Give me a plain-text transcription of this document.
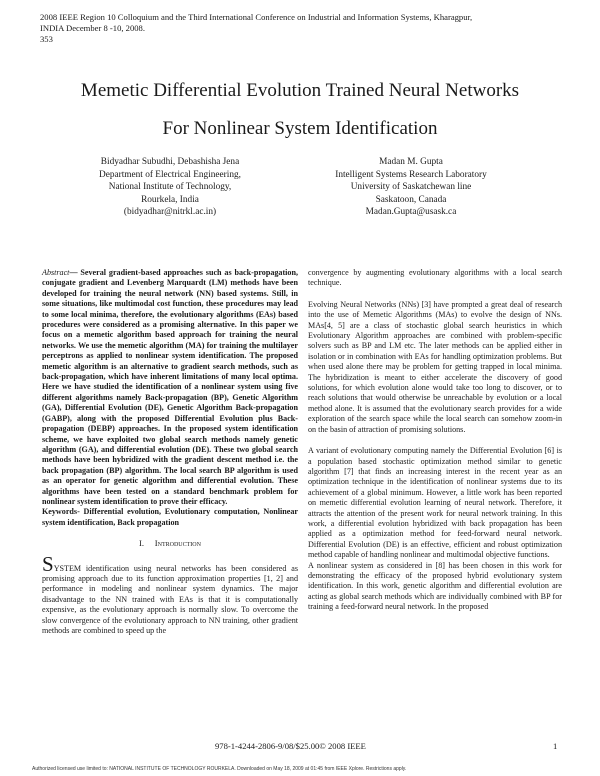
2008 IEEE Region 10 Colloquium and the Third International Conference on Industrial and Information Systems, Kharagpur,
INDIA December 8 -10, 2008.
353
Memetic Differential Evolution Trained Neural Networks
For Nonlinear System Identification
Bidyadhar Subudhi, Debashisha Jena
Department of Electrical Engineering,
National Institute of Technology,
Rourkela, India
(bidyadhar@nitrkl.ac.in)
Madan M. Gupta
Intelligent Systems Research Laboratory
University of Saskatchewan line
Saskatoon, Canada
Madan.Gupta@usask.ca

Abstract— Several gradient-based approaches such as back-propagation, conjugate gradient and Levenberg Marquardt (LM) methods have been developed for training the neural network (NN) based systems. Still, in some situations, like multimodal cost function, these procedures may lead to some local minima, therefore, the evolutionary algorithms (EAs) based procedures were considered as a promising alternative. In this paper we focus on a memetic algorithm based approach for training the neural networks. We use the memetic algorithm (MA) for training the multilayer perceptrons as applied to nonlinear system identification. The proposed memetic algorithm is an alternative to gradient search methods, such as back-propagation, which have inherent limitations of many local optima. Here we have studied the identification of a nonlinear system using five different algorithms namely Back-propagation (BP), Genetic Algorithm (GA), Differential Evolution (DE), Genetic Algorithm Back-propagation (GABP), along with the proposed Differential Evolution plus Back-propagation (DEBP) approaches. In the proposed system identification scheme, we have exploited two global search methods namely genetic algorithm (GA), and differential evolution (DE). These two global search methods have been hybridized with the gradient descent method i.e. the back propagation (BP) algorithm. The local search BP algorithm is used as an operator for genetic algorithm and differential evolution. These algorithms have been tested on a standard benchmark problem for nonlinear system identification to prove their efficacy.

Keywords- Differential evolution, Evolutionary computation, Nonlinear system identification, Back propagation

I. Introduction

SYSTEM identification using neural networks has been considered as promising approach due to its function approximation properties [1, 2] and performance in modeling and nonlinear system dynamics. The major disadvantage to the NN trained with EAs is that it is computationally expensive, as the evolutionary approach is normally slow. To overcome the slow convergence of the evolutionary approach to NN training, other gradient methods are combined to speed up the

convergence by augmenting evolutionary algorithms with a local search technique.

Evolving Neural Networks (NNs) [3] have prompted a great deal of research into the use of Memetic Algorithms (MAs) to evolve the design of NNs. MAs[4, 5] are a class of stochastic global search heuristics in which Evolutionary Algorithm approaches are combined with problem-specific solvers such as BP and LM etc. The later methods can be applied either in isolation or in combination with EAs for handling optimization problems. But when used alone there may be problem for getting trapped in local minima. The hybridization is meant to either accelerate the discovery of good solutions, for which evolution alone would take too long to discover, or to reach solutions that would otherwise be unreachable by evolution or a local method alone. It is assumed that the evolutionary search provides for a wide exploration of the search space while the local search can somehow zoom-in on the basin of attraction of promising solutions.

A variant of evolutionary computing namely the Differential Evolution [6] is a population based stochastic optimization method similar to genetic algorithm [7] that finds an increasing interest in the recent year as an optimization technique in the identification of nonlinear systems due to its achievement of a global minimum. However, a little work has been reported on memetic differential evolution learning of neural network. Therefore, it attracts the attention of the present work for neural network training. In this work, a differential evolution hybridized with back propagation has been applied as a optimization method for feed-forward neural network. Differential Evolution (DE) is an effective, efficient and robust optimization method capable of handling nonlinear and multimodal objective functions.

A nonlinear system as considered in [8] has been chosen in this work for demonstrating the efficacy of the proposed hybrid evolutionary system identification. In this work, genetic algorithm and differential evolution are acting as global search methods which are individually combined with BP for training a feed-forward neural network. In the proposed

978-1-4244-2806-9/08/$25.00© 2008 IEEE	1
Authorized licensed use limited to: NATIONAL INSTITUTE OF TECHNOLOGY ROURKELA. Downloaded on May 18, 2009 at 01:45 from IEEE Xplore. Restrictions apply.
